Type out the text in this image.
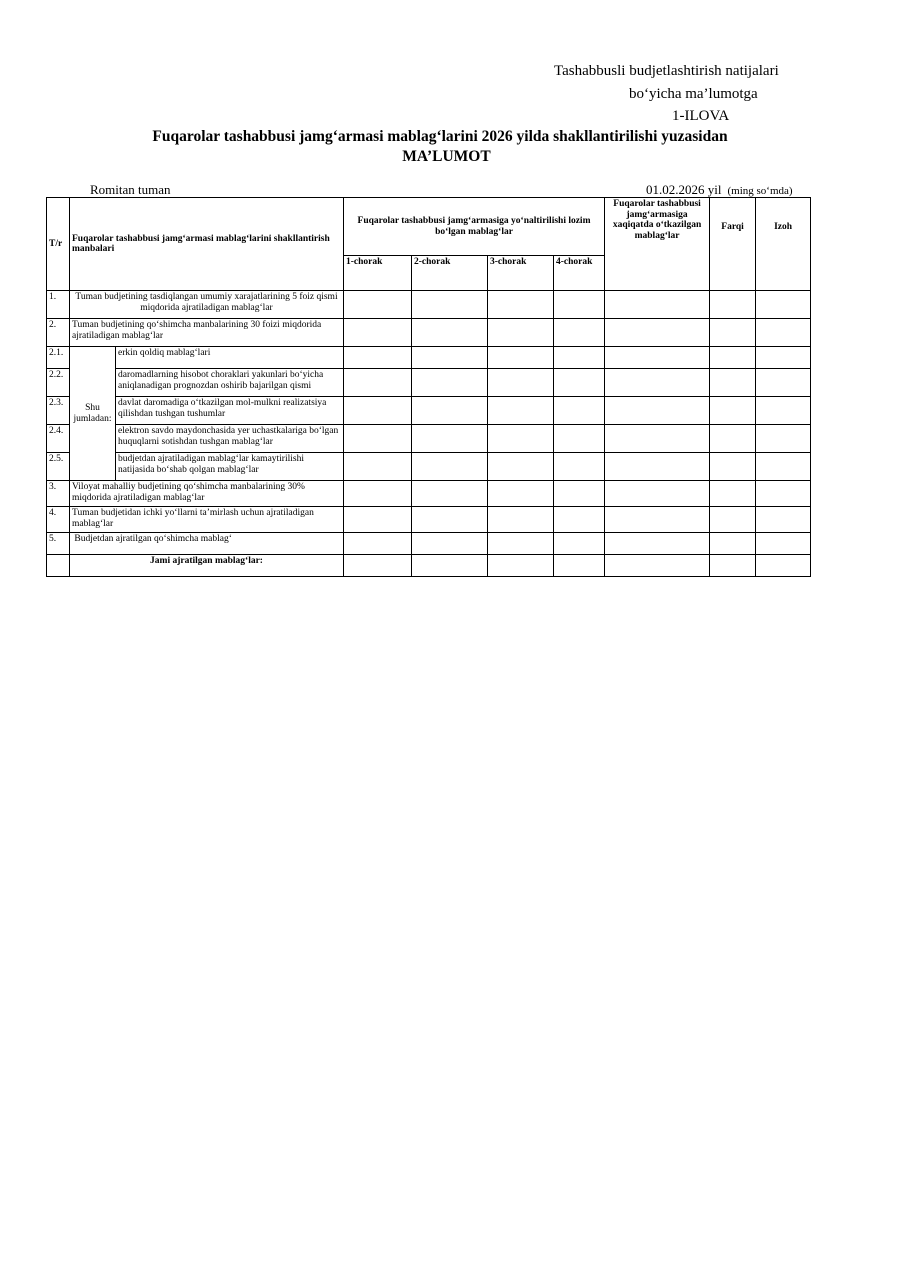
Tashabbusli budjetlashtirish natijalari
bo‘yicha ma’lumotga
1-ILOVA
Fuqarolar tashabbusi jamg‘armasi mablag‘larini 2026 yilda shakllantirilishi yuzasidan
MA’LUMOT
Romitan tuman	01.02.2026 yil (ming so‘mda)
T/r	Fuqarolar tashabbusi jamg‘armasi mablag‘larini shakllantirish manbalari		Fuqarolar tashabbusi jamg‘armasiga yo‘naltirilishi lozim bo‘lgan mablag‘lar				Fuqarolar tashabbusi jamg‘armasiga xaqiqatda o‘tkazilgan mablag‘lar	Farqi	Izoh
			1-chorak	2-chorak	3-chorak	4-chorak			
1.	Tuman budjetining tasdiqlangan umumiy xarajatlarining 5 foiz qismi miqdorida ajratiladigan mablag‘lar								

2.	Tuman budjetining qo‘shimcha manbalarining 30 foizi miqdorida ajratiladigan mablag‘lar								
2.1.	Shu jumladan:	erkin qoldiq mablag‘lari							
2.2.		daromadlarning hisobot choraklari yakunlari bo‘yicha aniqlanadigan prognozdan oshirib bajarilgan qismi							
2.3.		davlat daromadiga o‘tkazilgan mol-mulkni realizatsiya qilishdan tushgan tushumlar							
2.4.		elektron savdo maydonchasida yer uchastkalariga bo‘lgan huquqlarni sotishdan tushgan mablag‘lar							
2.5.		budjetdan ajratiladigan mablag‘lar kamaytirilishi natijasida bo‘shab qolgan mablag‘lar							
3.	Viloyat mahalliy budjetining qo‘shimcha manbalarining 30% miqdorida ajratiladigan mablag‘lar								
4.	Tuman budjetidan ichki yo‘llarni ta’mirlash uchun ajratiladigan mablag‘lar								
5.	Budjetdan ajratilgan qo‘shimcha mablag‘								
	Jami ajratilgan mablag‘lar:								
